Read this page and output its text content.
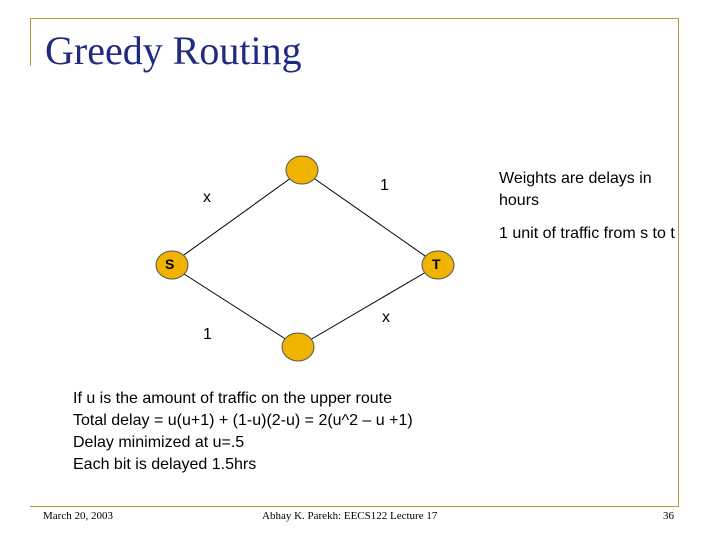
Greedy Routing
S	T
x
1
1
x
Weights are delays in hours
1 unit of traffic from s to t
If u is the amount of traffic on the upper route
Total delay = u(u+1) + (1-u)(2-u) = 2(u^2 – u +1)
Delay minimized at u=.5
Each bit is delayed 1.5hrs
March 20, 2003	Abhay K. Parekh: EECS122 Lecture 17	36
